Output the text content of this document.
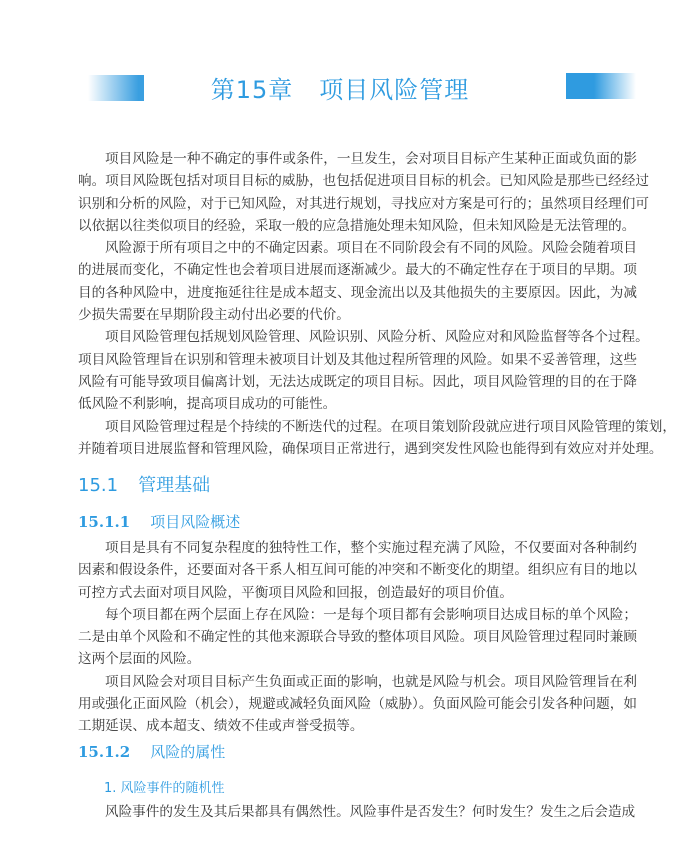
第15章 项目风险管理
项目风险是一种不确定的事件或条件，一旦发生，会对项目目标产生某种正面或负面的影
响。项目风险既包括对项目目标的威胁，也包括促进项目目标的机会。已知风险是那些已经经过
识别和分析的风险，对于已知风险，对其进行规划，寻找应对方案是可行的；虽然项目经理们可
以依据以往类似项目的经验，采取一般的应急措施处理未知风险，但未知风险是无法管理的。
风险源于所有项目之中的不确定因素。项目在不同阶段会有不同的风险。风险会随着项目
的进展而变化，不确定性也会着项目进展而逐渐减少。最大的不确定性存在于项目的早期。项
目的各种风险中，进度拖延往往是成本超支、现金流出以及其他损失的主要原因。因此，为减
少损失需要在早期阶段主动付出必要的代价。
项目风险管理包括规划风险管理、风险识别、风险分析、风险应对和风险监督等各个过程。
项目风险管理旨在识别和管理未被项目计划及其他过程所管理的风险。如果不妥善管理，这些
风险有可能导致项目偏离计划，无法达成既定的项目目标。因此，项目风险管理的目的在于降
低风险不利影响，提高项目成功的可能性。
项目风险管理过程是个持续的不断迭代的过程。在项目策划阶段就应进行项目风险管理的策划，
并随着项目进展监督和管理风险，确保项目正常进行，遇到突发性风险也能得到有效应对并处理。
15.1 管理基础
15.1.1 项目风险概述
项目是具有不同复杂程度的独特性工作，整个实施过程充满了风险，不仅要面对各种制约
因素和假设条件，还要面对各干系人相互间可能的冲突和不断变化的期望。组织应有目的地以
可控方式去面对项目风险，平衡项目风险和回报，创造最好的项目价值。
每个项目都在两个层面上存在风险：一是每个项目都有会影响项目达成目标的单个风险；
二是由单个风险和不确定性的其他来源联合导致的整体项目风险。项目风险管理过程同时兼顾
这两个层面的风险。
项目风险会对项目目标产生负面或正面的影响，也就是风险与机会。项目风险管理旨在利
用或强化正面风险（机会），规避或减轻负面风险（威胁）。负面风险可能会引发各种问题，如
工期延误、成本超支、绩效不佳或声誉受损等。
15.1.2 风险的属性
1. 风险事件的随机性
风险事件的发生及其后果都具有偶然性。风险事件是否发生？何时发生？发生之后会造成
